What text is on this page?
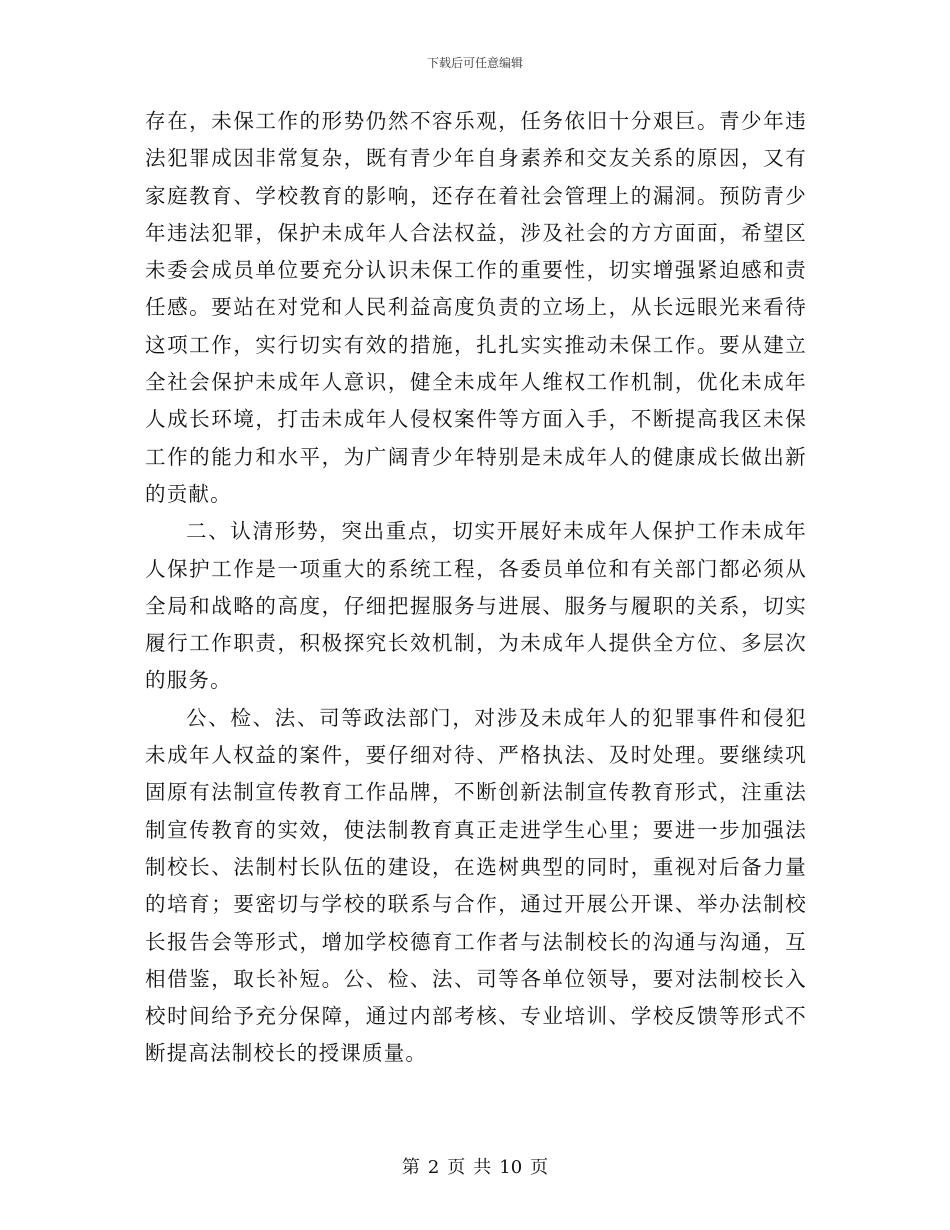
下载后可任意编辑

存在，未保工作的形势仍然不容乐观，任务依旧十分艰巨。青少年违法犯罪成因非常复杂，既有青少年自身素养和交友关系的原因，又有家庭教育、学校教育的影响，还存在着社会管理上的漏洞。预防青少年违法犯罪，保护未成年人合法权益，涉及社会的方方面面，希望区未委会成员单位要充分认识未保工作的重要性，切实增强紧迫感和责任感。要站在对党和人民利益高度负责的立场上，从长远眼光来看待这项工作，实行切实有效的措施，扎扎实实推动未保工作。要从建立全社会保护未成年人意识，健全未成年人维权工作机制，优化未成年人成长环境，打击未成年人侵权案件等方面入手，不断提高我区未保工作的能力和水平，为广阔青少年特别是未成年人的健康成长做出新的贡献。

二、认清形势，突出重点，切实开展好未成年人保护工作未成年人保护工作是一项重大的系统工程，各委员单位和有关部门都必须从全局和战略的高度，仔细把握服务与进展、服务与履职的关系，切实履行工作职责，积极探究长效机制，为未成年人提供全方位、多层次的服务。

公、检、法、司等政法部门，对涉及未成年人的犯罪事件和侵犯未成年人权益的案件，要仔细对待、严格执法、及时处理。要继续巩固原有法制宣传教育工作品牌，不断创新法制宣传教育形式，注重法制宣传教育的实效，使法制教育真正走进学生心里；要进一步加强法制校长、法制村长队伍的建设，在选树典型的同时，重视对后备力量的培育；要密切与学校的联系与合作，通过开展公开课、举办法制校长报告会等形式，增加学校德育工作者与法制校长的沟通与沟通，互相借鉴，取长补短。公、检、法、司等各单位领导，要对法制校长入校时间给予充分保障，通过内部考核、专业培训、学校反馈等形式不断提高法制校长的授课质量。

第 2 页 共 10 页
